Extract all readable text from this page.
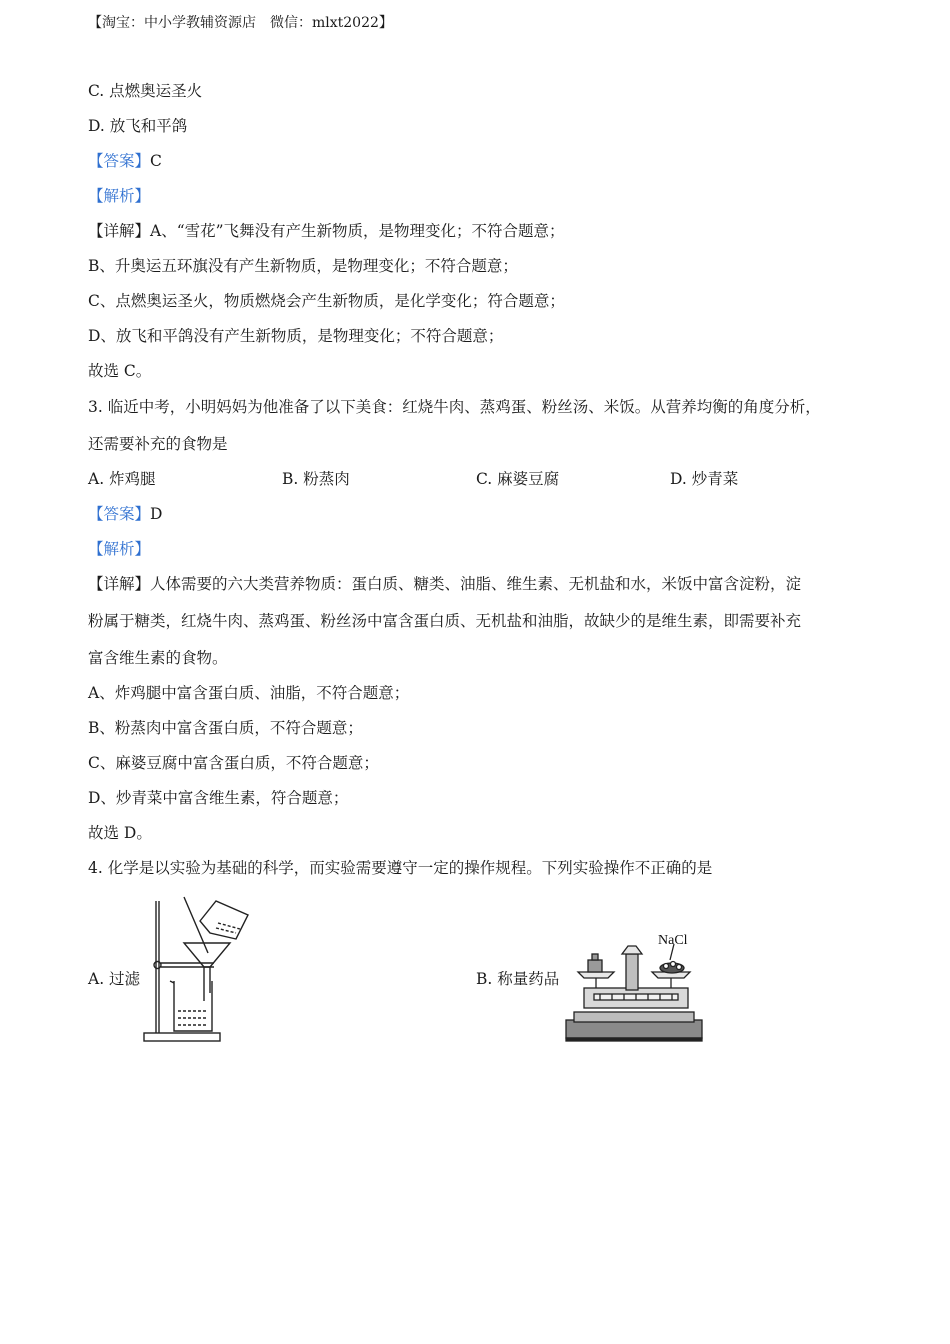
【淘宝：中小学教辅资源店　微信：mlxt2022】
C. 点燃奥运圣火
D. 放飞和平鸽
【答案】C
【解析】
【详解】A、“雪花”飞舞没有产生新物质，是物理变化；不符合题意；
B、升奥运五环旗没有产生新物质，是物理变化；不符合题意；
C、点燃奥运圣火，物质燃烧会产生新物质，是化学变化；符合题意；
D、放飞和平鸽没有产生新物质，是物理变化；不符合题意；
故选 C。
3. 临近中考，小明妈妈为他准备了以下美食：红烧牛肉、蒸鸡蛋、粉丝汤、米饭。从营养均衡的角度分析，
还需要补充的食物是
A. 炸鸡腿	B. 粉蒸肉	C. 麻婆豆腐	D. 炒青菜
【答案】D
【解析】
【详解】人体需要的六大类营养物质：蛋白质、糖类、油脂、维生素、无机盐和水，米饭中富含淀粉，淀
粉属于糖类，红烧牛肉、蒸鸡蛋、粉丝汤中富含蛋白质、无机盐和油脂，故缺少的是维生素，即需要补充
富含维生素的食物。
A、炸鸡腿中富含蛋白质、油脂，不符合题意；
B、粉蒸肉中富含蛋白质，不符合题意；
C、麻婆豆腐中富含蛋白质，不符合题意；
D、炒青菜中富含维生素，符合题意；
故选 D。
4. 化学是以实验为基础的科学，而实验需要遵守一定的操作规程。下列实验操作不正确的是
A. 过滤	B. 称量药品
NaCl
